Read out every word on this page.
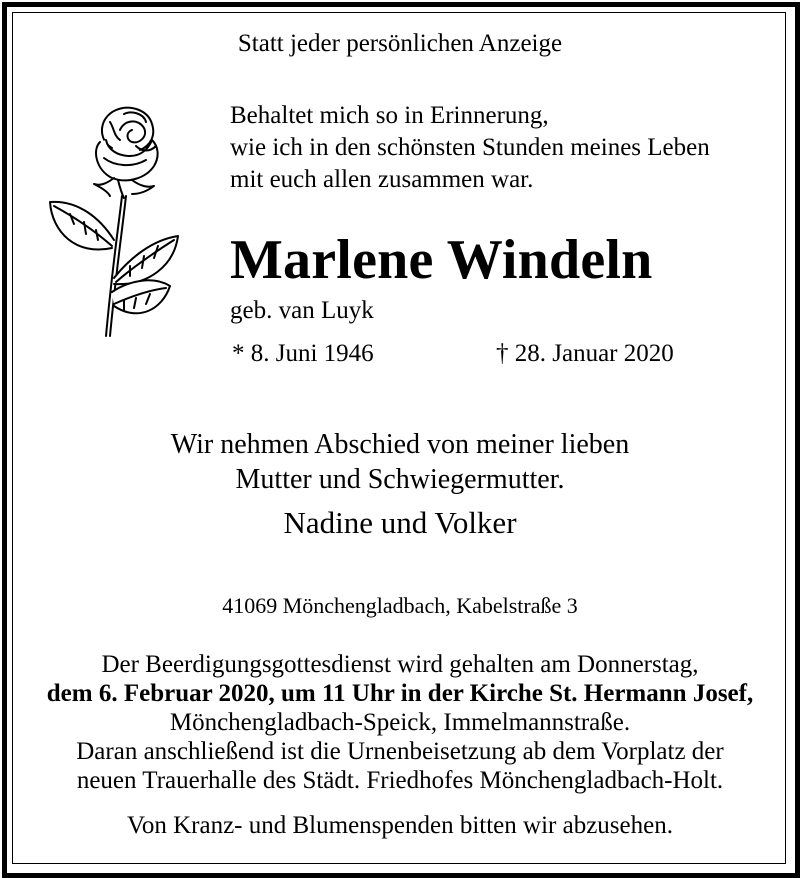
Statt jeder persönlichen Anzeige
Behaltet mich so in Erinnerung,
wie ich in den schönsten Stunden meines Leben
mit euch allen zusammen war.
Marlene Windeln
geb. van Luyk
* 8. Juni 1946	† 28. Januar 2020
Wir nehmen Abschied von meiner lieben
Mutter und Schwiegermutter.
Nadine und Volker
41069 Mönchengladbach, Kabelstraße 3
Der Beerdigungsgottesdienst wird gehalten am Donnerstag,
dem 6. Februar 2020, um 11 Uhr in der Kirche St. Hermann Josef,
Mönchengladbach-Speick, Immelmannstraße.
Daran anschließend ist die Urnenbeisetzung ab dem Vorplatz der
neuen Trauerhalle des Städt. Friedhofes Mönchengladbach-Holt.
Von Kranz- und Blumenspenden bitten wir abzusehen.
